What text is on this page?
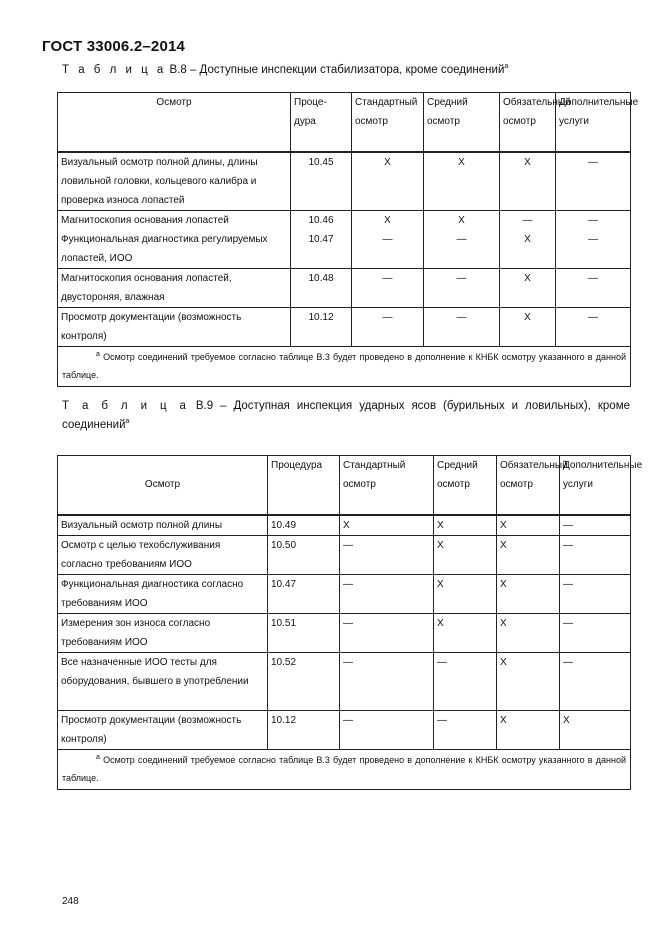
ГОСТ 33006.2–2014
Т а б л и ц а В.8 – Доступные инспекции стабилизатора, кроме соединений$^a$
Осмотр	Проце-дура	Стандартный осмотр	Средний осмотр	Обязательный осмотр	Дополнительные услуги
Визуальный осмотр полной длины, длины ловильной головки, кольцевого калибра и проверка износа лопастей	10.45	X	X	X	—
Магнитоскопия основания лопастей	10.46	X	X	—	—
Функциональная диагностика регулируемых лопастей, ИОО	10.47	—	—	X	—
Магнитоскопия основания лопастей, двустороняя, влажная	10.48	—	—	X	—
Просмотр документации (возможность контроля)	10.12	—	—	X	—
$^a$ Осмотр соединений требуемое согласно таблице В.3 будет проведено в дополнение к КНБК осмотру указанного в данной таблице.					
Т а б л и ц а В.9 – Доступная инспекция ударных ясов (бурильных и ловильных), кроме соединений$^a$
Осмотр	Процедура	Стандартный осмотр	Средний осмотр	Обязательный осмотр	Дополнительные услуги
Визуальный осмотр полной длины	10.49	X	X	X	—
Осмотр с целью техобслуживания согласно требованиям ИОО	10.50	—	X	X	—
Функциональная диагностика согласно требованиям ИОО	10.47	—	X	X	—
Измерения зон износа согласно требованиям ИОО	10.51	—	X	X	—
Все назначенные ИОО тесты для оборудования, бывшего в употреблении	10.52	—	—	X	—
Просмотр документации (возможность контроля)	10.12	—	—	X	X
$^a$ Осмотр соединений требуемое согласно таблице В.3 будет проведено в дополнение к КНБК осмотру указанного в данной таблице.					
248
